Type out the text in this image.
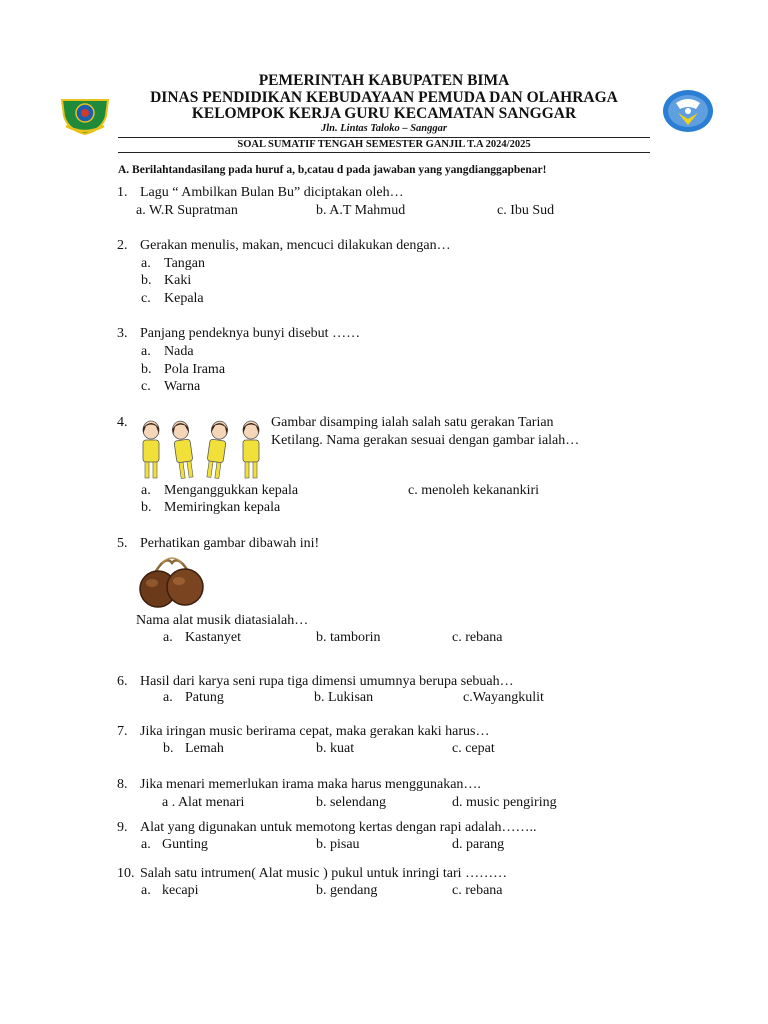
PEMERINTAH KABUPATEN BIMA
DINAS PENDIDIKAN KEBUDAYAAN PEMUDA DAN OLAHRAGA
KELOMPOK KERJA GURU KECAMATAN SANGGAR
Jln. Lintas Taloko – Sanggar
SOAL SUMATIF TENGAH SEMESTER GANJIL T.A 2024/2025
A. Berilahtandasilang pada huruf a, b,catau d pada jawaban yang yangdianggapbenar!
1. Lagu “ Ambilkan Bulan Bu” diciptakan oleh…
a. W.R Supratman	b. A.T Mahmud	c. Ibu Sud
2. Gerakan menulis, makan, mencuci dilakukan dengan…
a. Tangan
b. Kaki
c. Kepala
3. Panjang pendeknya bunyi disebut ……
a. Nada
b. Pola Irama
c. Warna
4.	Gambar disamping ialah salah satu gerakan Tarian
Ketilang. Nama gerakan sesuai dengan gambar ialah…
a. Menganggukkan kepala	c. menoleh kekanankiri
b. Memiringkan kepala
5. Perhatikan gambar dibawah ini!
Nama alat musik diatasialah…
a. Kastanyet	b. tamborin	c. rebana
6. Hasil dari karya seni rupa tiga dimensi umumnya berupa sebuah…
a. Patung	b. Lukisan	c.Wayangkulit
7. Jika iringan music berirama cepat, maka gerakan kaki harus…
b. Lemah	b. kuat	c. cepat
8. Jika menari memerlukan irama maka harus menggunakan….
a . Alat menari	b. selendang	d. music pengiring
9. Alat yang digunakan untuk memotong kertas dengan rapi adalah……..
a. Gunting	b. pisau	d. parang
10. Salah satu intrumen( Alat music ) pukul untuk inringi tari ………
a. kecapi	b. gendang	c. rebana
